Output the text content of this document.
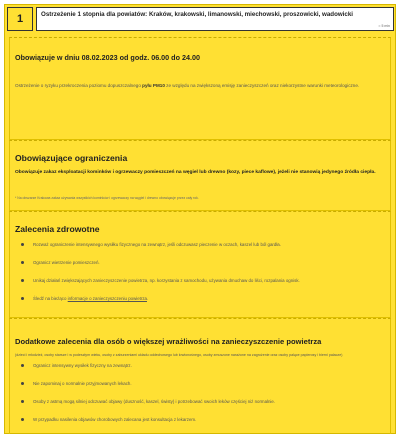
1	Ostrzeżenie 1 stopnia dla powiatów: Kraków, krakowski, limanowski, miechowski, proszowicki, wadowicki
≈ 5 min
Obowiązuje w dniu 08.02.2023 od godz. 06.00 do 24.00

Ostrzeżenie o ryzyku przekroczenia poziomu dopuszczalnego pyłu PM10 ze względu na zwiększoną emisję zanieczyszczeń oraz niekorzystne warunki meteorologiczne.

Obowiązujące ograniczenia

Obowiązuje zakaz eksploatacji kominków i ogrzewaczy pomieszczeń na węgiel lub drewno (kozy, piece kaflowe), jeżeli nie stanowią jedynego źródła ciepła.

* Na obszarze Krakowa zakaz używania wszystkich kominków i ogrzewaczy na węgiel i drewno obowiązuje przez cały rok.

Zalecenia zdrowotne
Rozważ ograniczenie intensywnego wysiłku fizycznego na zewnątrz, jeśli odczuwasz pieczenie w oczach, kaszel lub ból gardła.
Ogranicz wietrzenie pomieszczeń.
Unikaj działań zwiększających zanieczyszczenie powietrza, np. korzystania z samochodu, używania dmuchaw do liści, rozpalania ognisk.
Śledź na bieżąco informacje o zanieczyszczeniu powietrza.
Dodatkowe zalecenia dla osób o większej wrażliwości na zanieczyszczenie powietrza

(dzieci i młodzież, osoby starsze i w podeszłym wieku, osoby z zaburzeniami układu oddechowego lub krwionośnego, osoby zmuszone narażone na zagrożenie oraz osoby palące papierosy i bierni palacze)

Ogranicz intensywny wysiłek fizyczny na zewnątrz.
Nie zapominaj o normalnie przyjmowanych lekach.
Osoby z astmą mogą silniej odczuwać objawy (duszność, kaszel, świsty) i potrzebować swoich leków częściej niż normalnie.
W przypadku nasilenia objawów chorobowych zalecana jest konsultacja z lekarzem.
